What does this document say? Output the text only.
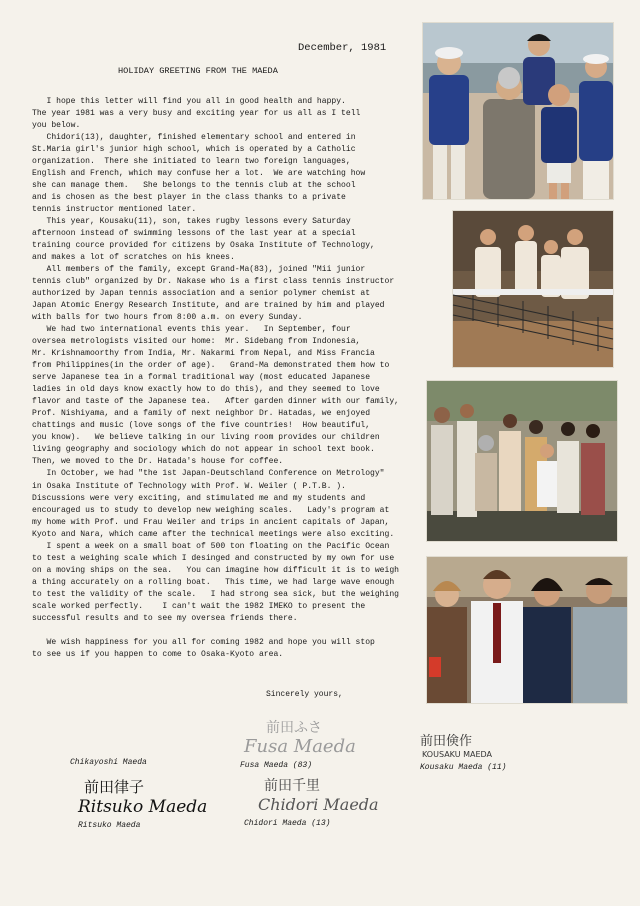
December, 1981
HOLIDAY GREETING FROM THE MAEDA
I hope this letter will find you all in good health and happy.
The year 1981 was a very busy and exciting year for us all as I tell
you below.
Chidori(13), daughter, finished elementary school and entered in
St.Maria girl's junior high school, which is operated by a Catholic
organization.  There she initiated to learn two foreign languages,
English and French, which may confuse her a lot.  We are watching how
she can manage them.   She belongs to the tennis club at the school
and is chosen as the best player in the class thanks to a private
tennis instructor mentioned later.
This year, Kousaku(11), son, takes rugby lessons every Saturday
afternoon instead of swimming lessons of the last year at a special
training cource provided for citizens by Osaka Institute of Technology,
and makes a lot of scratches on his knees.
All members of the family, except Grand-Ma(83), joined "Mii junior
tennis club" organized by Dr. Nakase who is a first class tennis instructor
authorized by Japan tennis association and a senior polymer chemist at
Japan Atomic Energy Research Institute, and are trained by him and played
with balls for two hours from 8:00 a.m. on every Sunday.
We had two international events this year.   In September, four
oversea metrologists visited our home:  Mr. Sidebang from Indonesia,
Mr. Krishnamoorthy from India, Mr. Nakarmi from Nepal, and Miss Francia
from Philippines(in the order of age).   Grand-Ma demonstrated them how to
serve Japanese tea in a formal traditional way (most educated Japanese
ladies in old days know exactly how to do this), and they seemed to love
flavor and taste of the Japanese tea.   After garden dinner with our family,
Prof. Nishiyama, and a family of next neighbor Dr. Hatadas, we enjoyed
chattings and music (love songs of the five countries!  How beautiful,
you know).   We believe talking in our living room provides our children
living geography and sociology which do not appear in school text book.
Then, we moved to the Dr. Hatada's house for coffee.
In October, we had "the 1st Japan-Deutschland Conference on Metrology"
in Osaka Institute of Technology with Prof. W. Weiler ( P.T.B. ).
Discussions were very exciting, and stimulated me and my students and
encouraged us to study to develop new weighing scales.   Lady's program at
my home with Prof. und Frau Weiler and trips in ancient capitals of Japan,
Kyoto and Nara, which came after the technical meetings were also exciting.
I spent a week on a small boat of 500 ton floating on the Pacific Ocean
to test a weighing scale which I desinged and constructed by my own for use
on a moving ships on the sea.   You can imagine how difficult it is to weigh
a thing accurately on a rolling boat.   This time, we had large wave enough
to test the validity of the scale.   I had strong sea sick, but the weighing
scale worked perfectly.    I can't wait the 1982 IMEKO to present the
successful results and to see my oversea friends there.

We wish happiness for you all for coming 1982 and hope you will stop
to see us if you happen to come to Osaka-Kyoto area.
Sincerely yours,
Chikayoshi Maeda
前田ふさ
Fusa Maeda
Fusa Maeda (83)
前田倹作
KOUSAKU MAEDA
Kousaku Maeda (11)
前田律子
Ritsuko Maeda
Ritsuko Maeda
前田千里
Chidori Maeda
Chidori Maeda (13)
